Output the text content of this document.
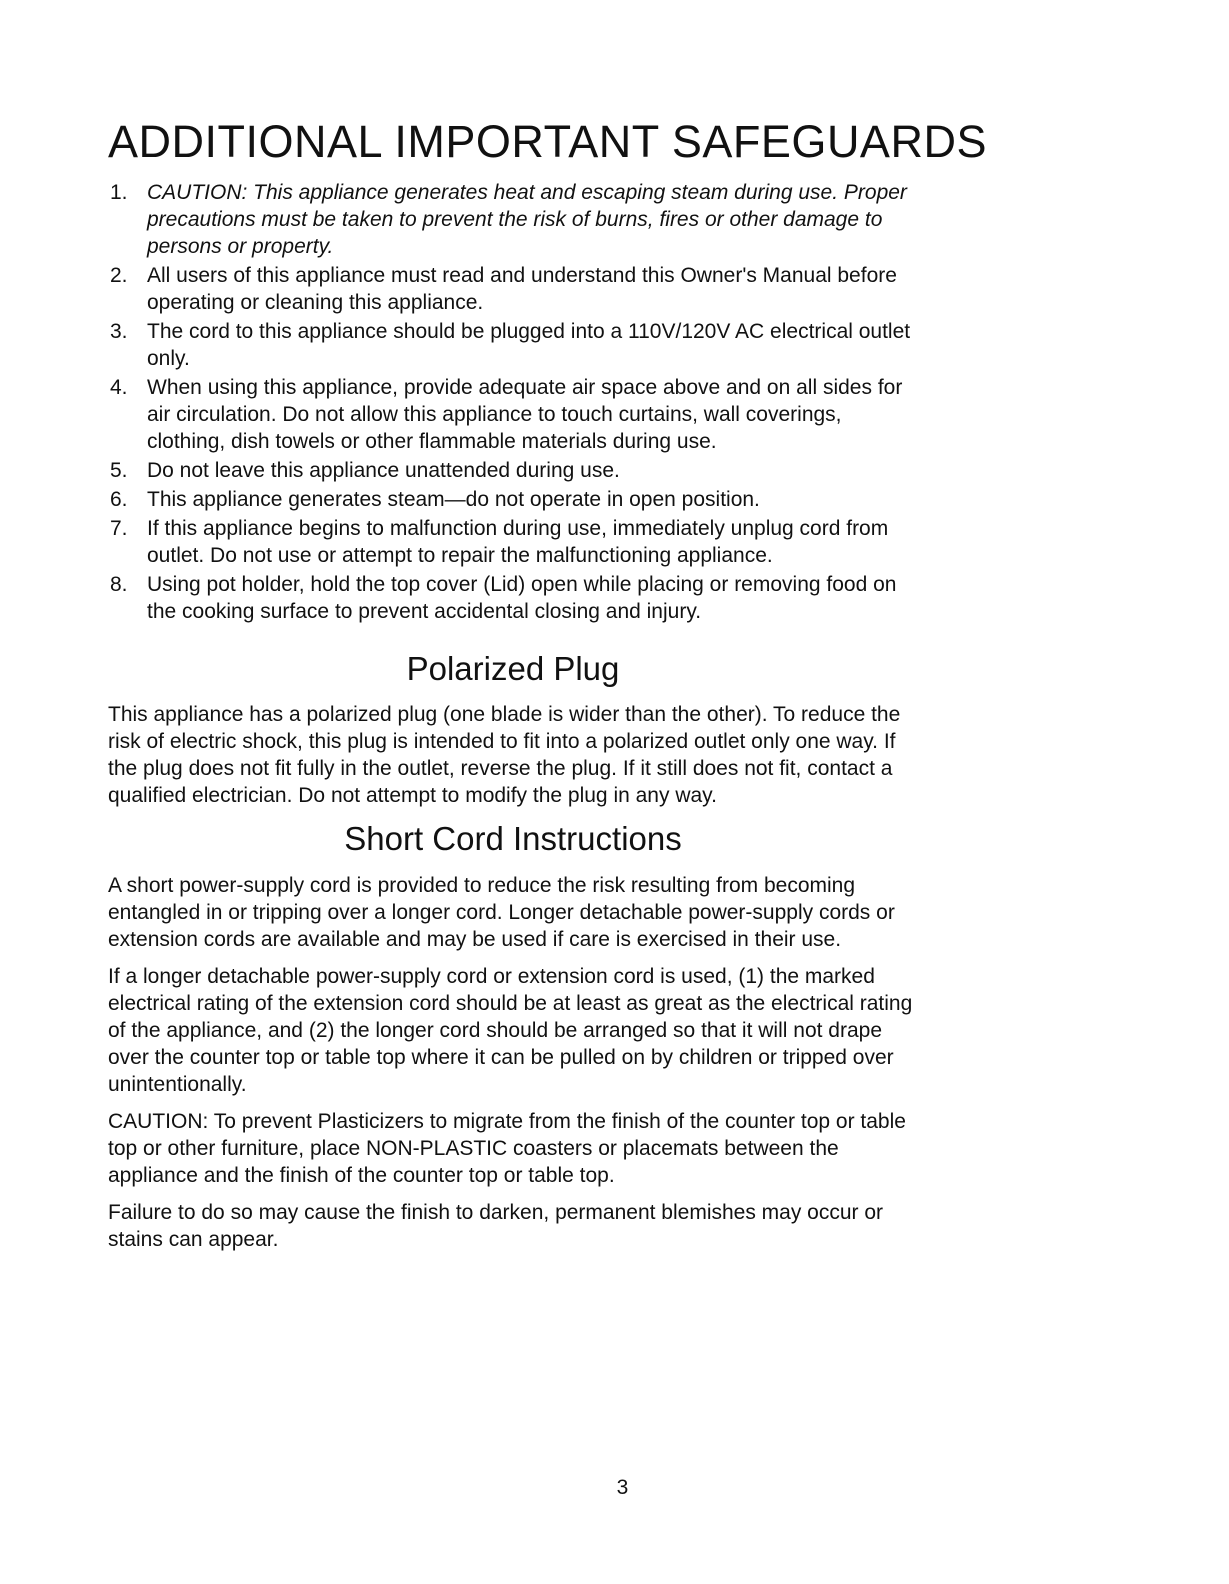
ADDITIONAL IMPORTANT SAFEGUARDS
1. CAUTION: This appliance generates heat and escaping steam during use. Proper precautions must be taken to prevent the risk of burns, fires or other damage to persons or property.
2. All users of this appliance must read and understand this Owner's Manual before operating or cleaning this appliance.
3. The cord to this appliance should be plugged into a 110V/120V AC electrical outlet only.
4. When using this appliance, provide adequate air space above and on all sides for air circulation. Do not allow this appliance to touch curtains, wall coverings, clothing, dish towels or other flammable materials during use.
5. Do not leave this appliance unattended during use.
6. This appliance generates steam—do not operate in open position.
7. If this appliance begins to malfunction during use, immediately unplug cord from outlet. Do not use or attempt to repair the malfunctioning appliance.
8. Using pot holder, hold the top cover (Lid) open while placing or removing food on the cooking surface to prevent accidental closing and injury.
Polarized Plug

This appliance has a polarized plug (one blade is wider than the other). To reduce the risk of electric shock, this plug is intended to fit into a polarized outlet only one way. If the plug does not fit fully in the outlet, reverse the plug. If it still does not fit, contact a qualified electrician. Do not attempt to modify the plug in any way.

Short Cord Instructions

A short power-supply cord is provided to reduce the risk resulting from becoming entangled in or tripping over a longer cord. Longer detachable power-supply cords or extension cords are available and may be used if care is exercised in their use.

If a longer detachable power-supply cord or extension cord is used, (1) the marked electrical rating of the extension cord should be at least as great as the electrical rating of the appliance, and (2) the longer cord should be arranged so that it will not drape over the counter top or table top where it can be pulled on by children or tripped over unintentionally.

CAUTION: To prevent Plasticizers to migrate from the finish of the counter top or table top or other furniture, place NON-PLASTIC coasters or placemats between the appliance and the finish of the counter top or table top.

Failure to do so may cause the finish to darken, permanent blemishes may occur or stains can appear.

3
